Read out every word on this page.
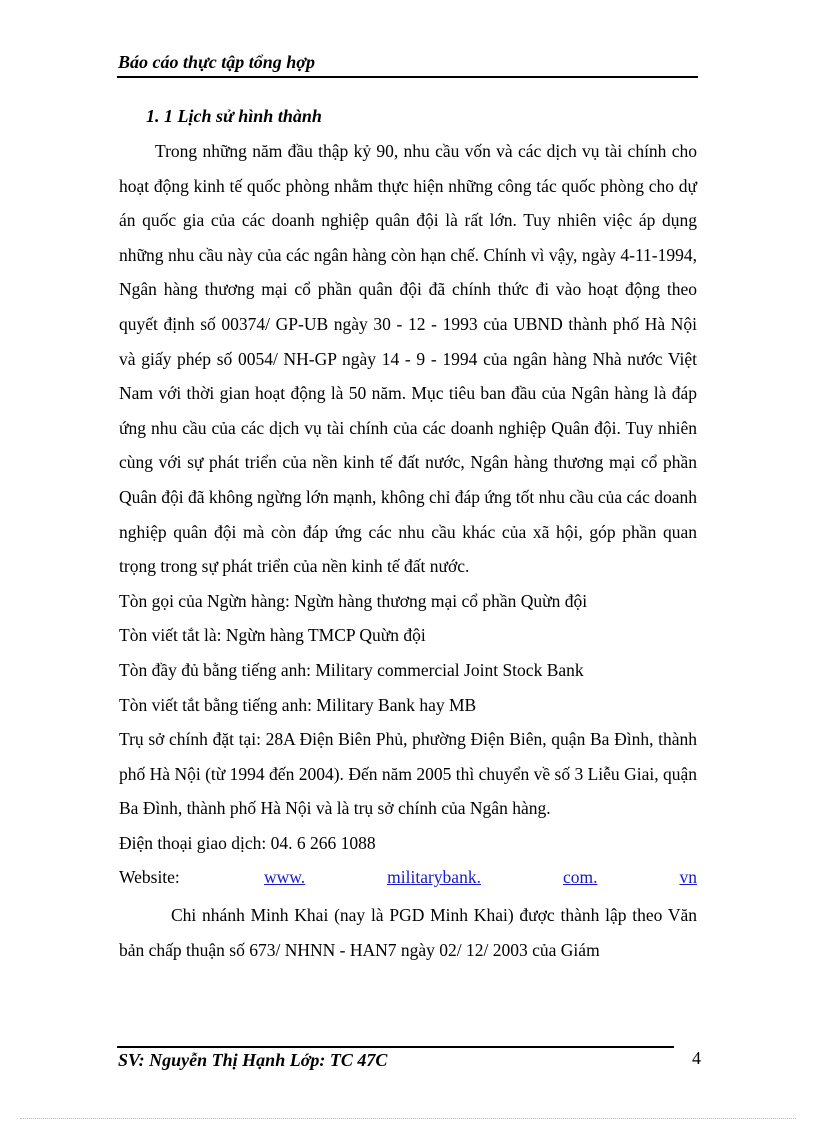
Báo cáo thực tập tổng hợp
1. 1 Lịch sử hình thành

Trong những năm đầu thập kỷ 90, nhu cầu vốn và các dịch vụ tài chính cho hoạt động kinh tế quốc phòng nhằm thực hiện những công tác quốc phòng cho dự án quốc gia của các doanh nghiệp quân đội là rất lớn. Tuy nhiên việc áp dụng những nhu cầu này của các ngân hàng còn hạn chế. Chính vì vậy, ngày 4-11-1994, Ngân hàng thương mại cổ phần quân đội đã chính thức đi vào hoạt động theo quyết định số 00374/ GP-UB ngày 30 - 12 - 1993 của UBND thành phố Hà Nội và giấy phép số 0054/ NH-GP ngày 14 - 9 - 1994 của ngân hàng Nhà nước Việt Nam với thời gian hoạt động là 50 năm. Mục tiêu ban đầu của Ngân hàng là đáp ứng nhu cầu của các dịch vụ tài chính của các doanh nghiệp Quân đội. Tuy nhiên cùng với sự phát triển của nền kinh tế đất nước, Ngân hàng thương mại cổ phần Quân đội đã không ngừng lớn mạnh, không chỉ đáp ứng tốt nhu cầu của các doanh nghiệp quân đội mà còn đáp ứng các nhu cầu khác của xã hội, góp phần quan trọng trong sự phát triển của nền kinh tế đất nước.

Tòn gọi của Ngừn hàng: Ngừn hàng thương mại cổ phần Quừn đội

Tòn viết tắt là: Ngừn hàng TMCP Quừn đội

Tòn đầy đủ bằng tiếng anh: Military commercial Joint Stock Bank

Tòn viết tắt bằng tiếng anh: Military Bank hay MB

Trụ sở chính đặt tại: 28A Điện Biên Phủ, phường Điện Biên, quận Ba Đình, thành phố Hà Nội (từ 1994 đến 2004). Đến năm 2005 thì chuyển về số 3 Liễu Giai, quận Ba Đình, thành phố Hà Nội và là trụ sở chính của Ngân hàng.

Điện thoại giao dịch: 04. 6 266 1088

Website:	www.	militarybank.	com.	vn

Chi nhánh Minh Khai (nay là PGD Minh Khai) được thành lập theo Văn bản chấp thuận số 673/ NHNN - HAN7 ngày 02/ 12/ 2003 của Giám

SV: Nguyễn Thị Hạnh Lớp: TC 47C	4
